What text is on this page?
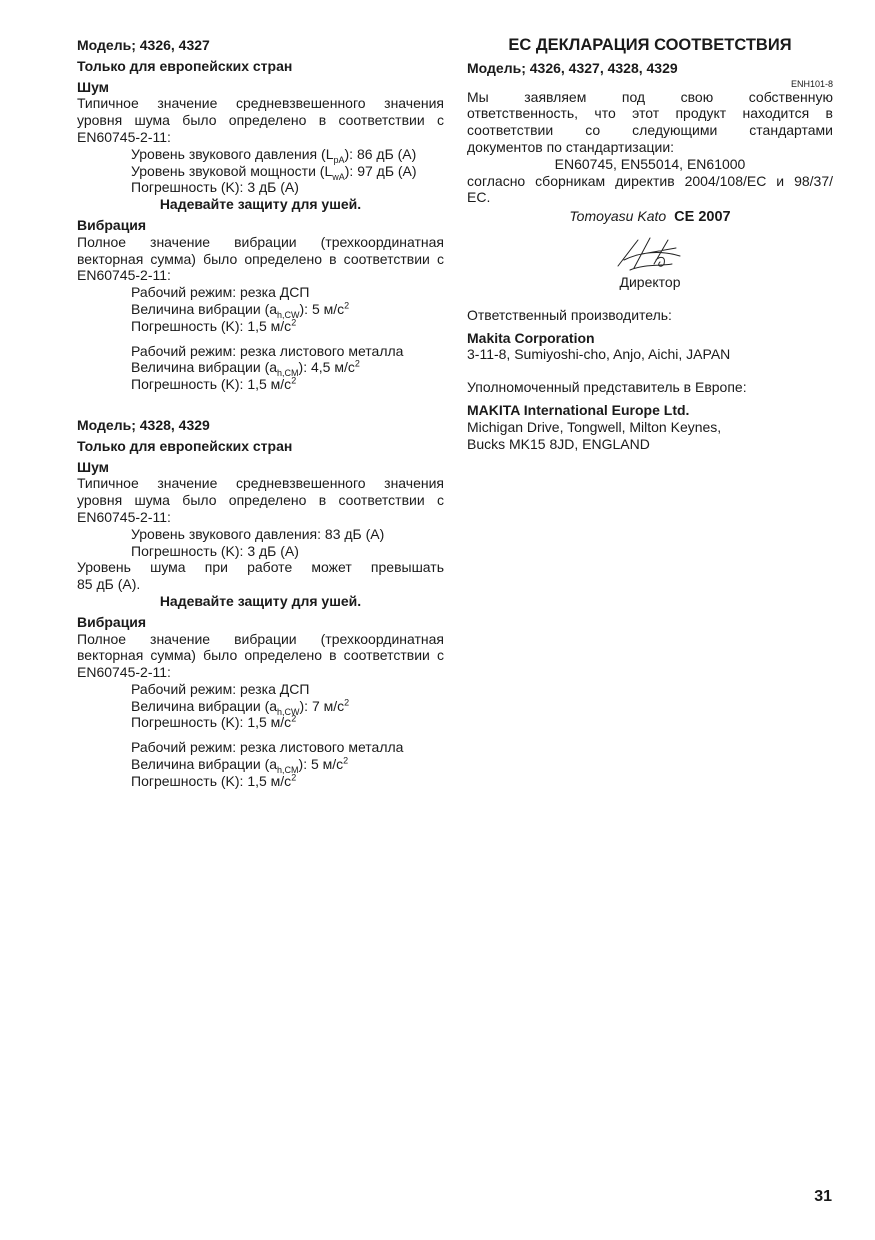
Модель; 4326, 4327

Только для европейских стран

Шум

Типичное значение средневзвешенного значения

уровня шума было определено в соответствии с

EN60745-2-11:

Уровень звукового давления $(L_{pA})$: 86 дБ (A)

Уровень звуковой мощности $(L_{wA})$: 97 дБ (A)

Погрешность (K): 3 дБ (A)

Надевайте защиту для ушей.

Вибрация

Полное значение вибрации (трехкоординатная

векторная сумма) было определено в соответствии с

EN60745-2-11:

Рабочий режим: резка ДСП

Величина вибрации $(a_{h,CW})$: 5 $м/с^2$

Погрешность (K): 1,5 $м/с^2$

Рабочий режим: резка листового металла

Величина вибрации $(a_{h,CM})$: 4,5 $м/с^2$

Погрешность (K): 1,5 $м/с^2$

Модель; 4328, 4329

Только для европейских стран

Шум

Типичное значение средневзвешенного значения

уровня шума было определено в соответствии с

EN60745-2-11:

Уровень звукового давления: 83 дБ (A)

Погрешность (K): 3 дБ (A)

Уровень шума при работе может превышать

85 дБ (A).

Надевайте защиту для ушей.

Вибрация

Полное значение вибрации (трехкоординатная

векторная сумма) было определено в соответствии с

EN60745-2-11:

Рабочий режим: резка ДСП

Величина вибрации $(a_{h,CW})$: 7 $м/с^2$

Погрешность (K): 1,5 $м/с^2$

Рабочий режим: резка листового металла

Величина вибрации $(a_{h,CM})$: 5 $м/с^2$

Погрешность (K): 1,5 $м/с^2$

ЕС ДЕКЛАРАЦИЯ СООТВЕТСТВИЯ

Модель; 4326, 4327, 4328, 4329

ENH101-8

Мы заявляем под свою собственную

ответственность, что этот продукт находится в

соответствии со следующими стандартами

документов по стандартизации:

EN60745, EN55014, EN61000

согласно сборникам директив 2004/108/ЕС и 98/37/

ЕС.

Tomoyasu Kato CE 2007

Директор

Ответственный производитель:

Makita Corporation

3-11-8, Sumiyoshi-cho, Anjo, Aichi, JAPAN

Уполномоченный представитель в Европе:

MAKITA International Europe Ltd.

Michigan Drive, Tongwell, Milton Keynes,

Bucks MK15 8JD, ENGLAND

31
